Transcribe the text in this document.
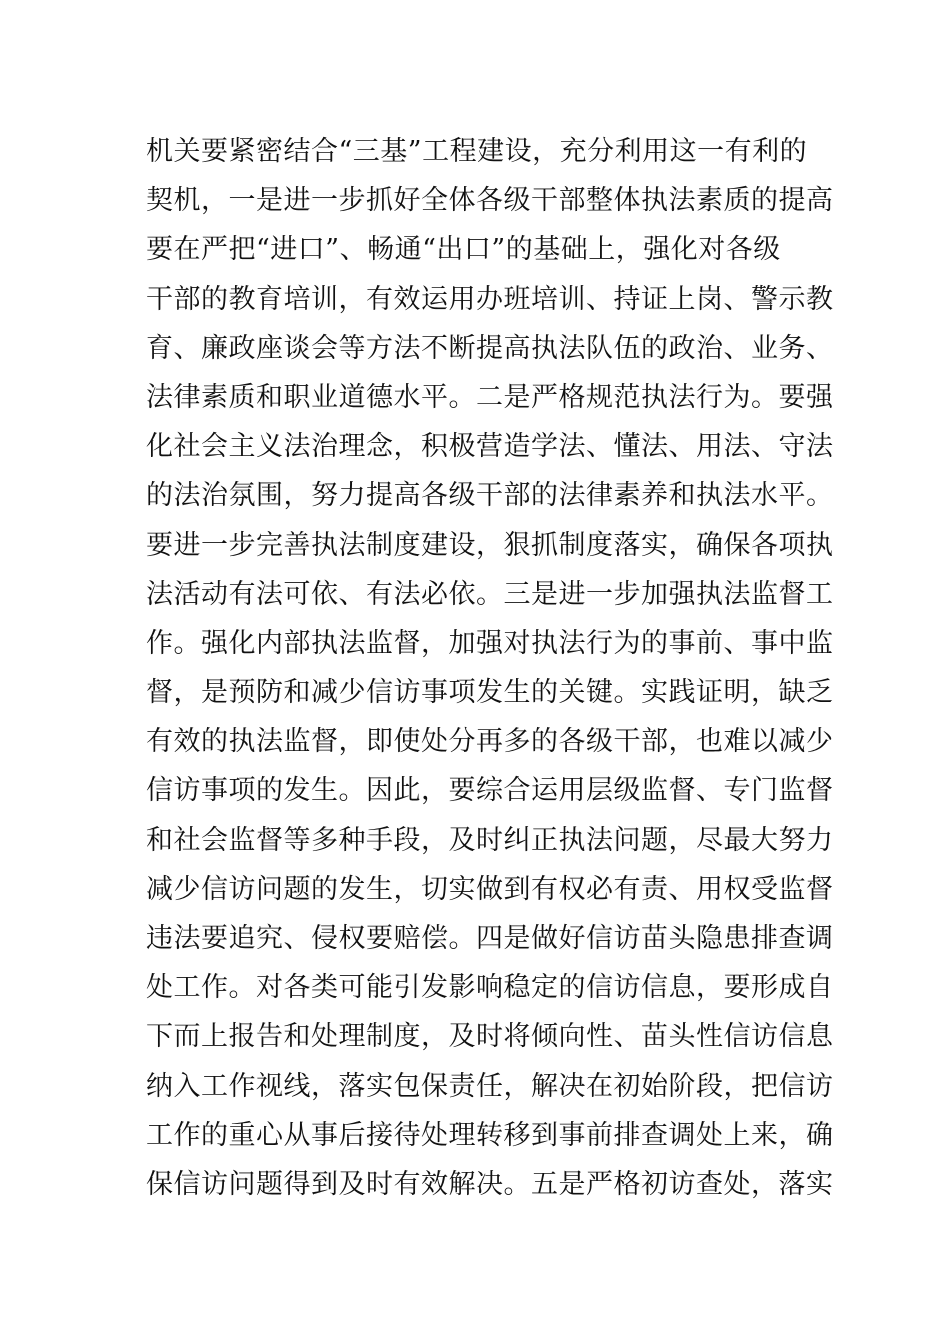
机关要紧密结合“三基”工程建设，充分利用这一有利的
契机，一是进一步抓好全体各级干部整体执法素质的提高
要在严把“进口”、畅通“出口”的基础上，强化对各级
干部的教育培训，有效运用办班培训、持证上岗、警示教
育、廉政座谈会等方法不断提高执法队伍的政治、业务、
法律素质和职业道德水平。二是严格规范执法行为。要强
化社会主义法治理念，积极营造学法、懂法、用法、守法
的法治氛围，努力提高各级干部的法律素养和执法水平。
要进一步完善执法制度建设，狠抓制度落实，确保各项执
法活动有法可依、有法必依。三是进一步加强执法监督工
作。强化内部执法监督，加强对执法行为的事前、事中监
督，是预防和减少信访事项发生的关键。实践证明，缺乏
有效的执法监督，即使处分再多的各级干部，也难以减少
信访事项的发生。因此，要综合运用层级监督、专门监督
和社会监督等多种手段，及时纠正执法问题，尽最大努力
减少信访问题的发生，切实做到有权必有责、用权受监督
违法要追究、侵权要赔偿。四是做好信访苗头隐患排查调
处工作。对各类可能引发影响稳定的信访信息，要形成自
下而上报告和处理制度，及时将倾向性、苗头性信访信息
纳入工作视线，落实包保责任，解决在初始阶段，把信访
工作的重心从事后接待处理转移到事前排查调处上来，确
保信访问题得到及时有效解决。五是严格初访查处，落实
